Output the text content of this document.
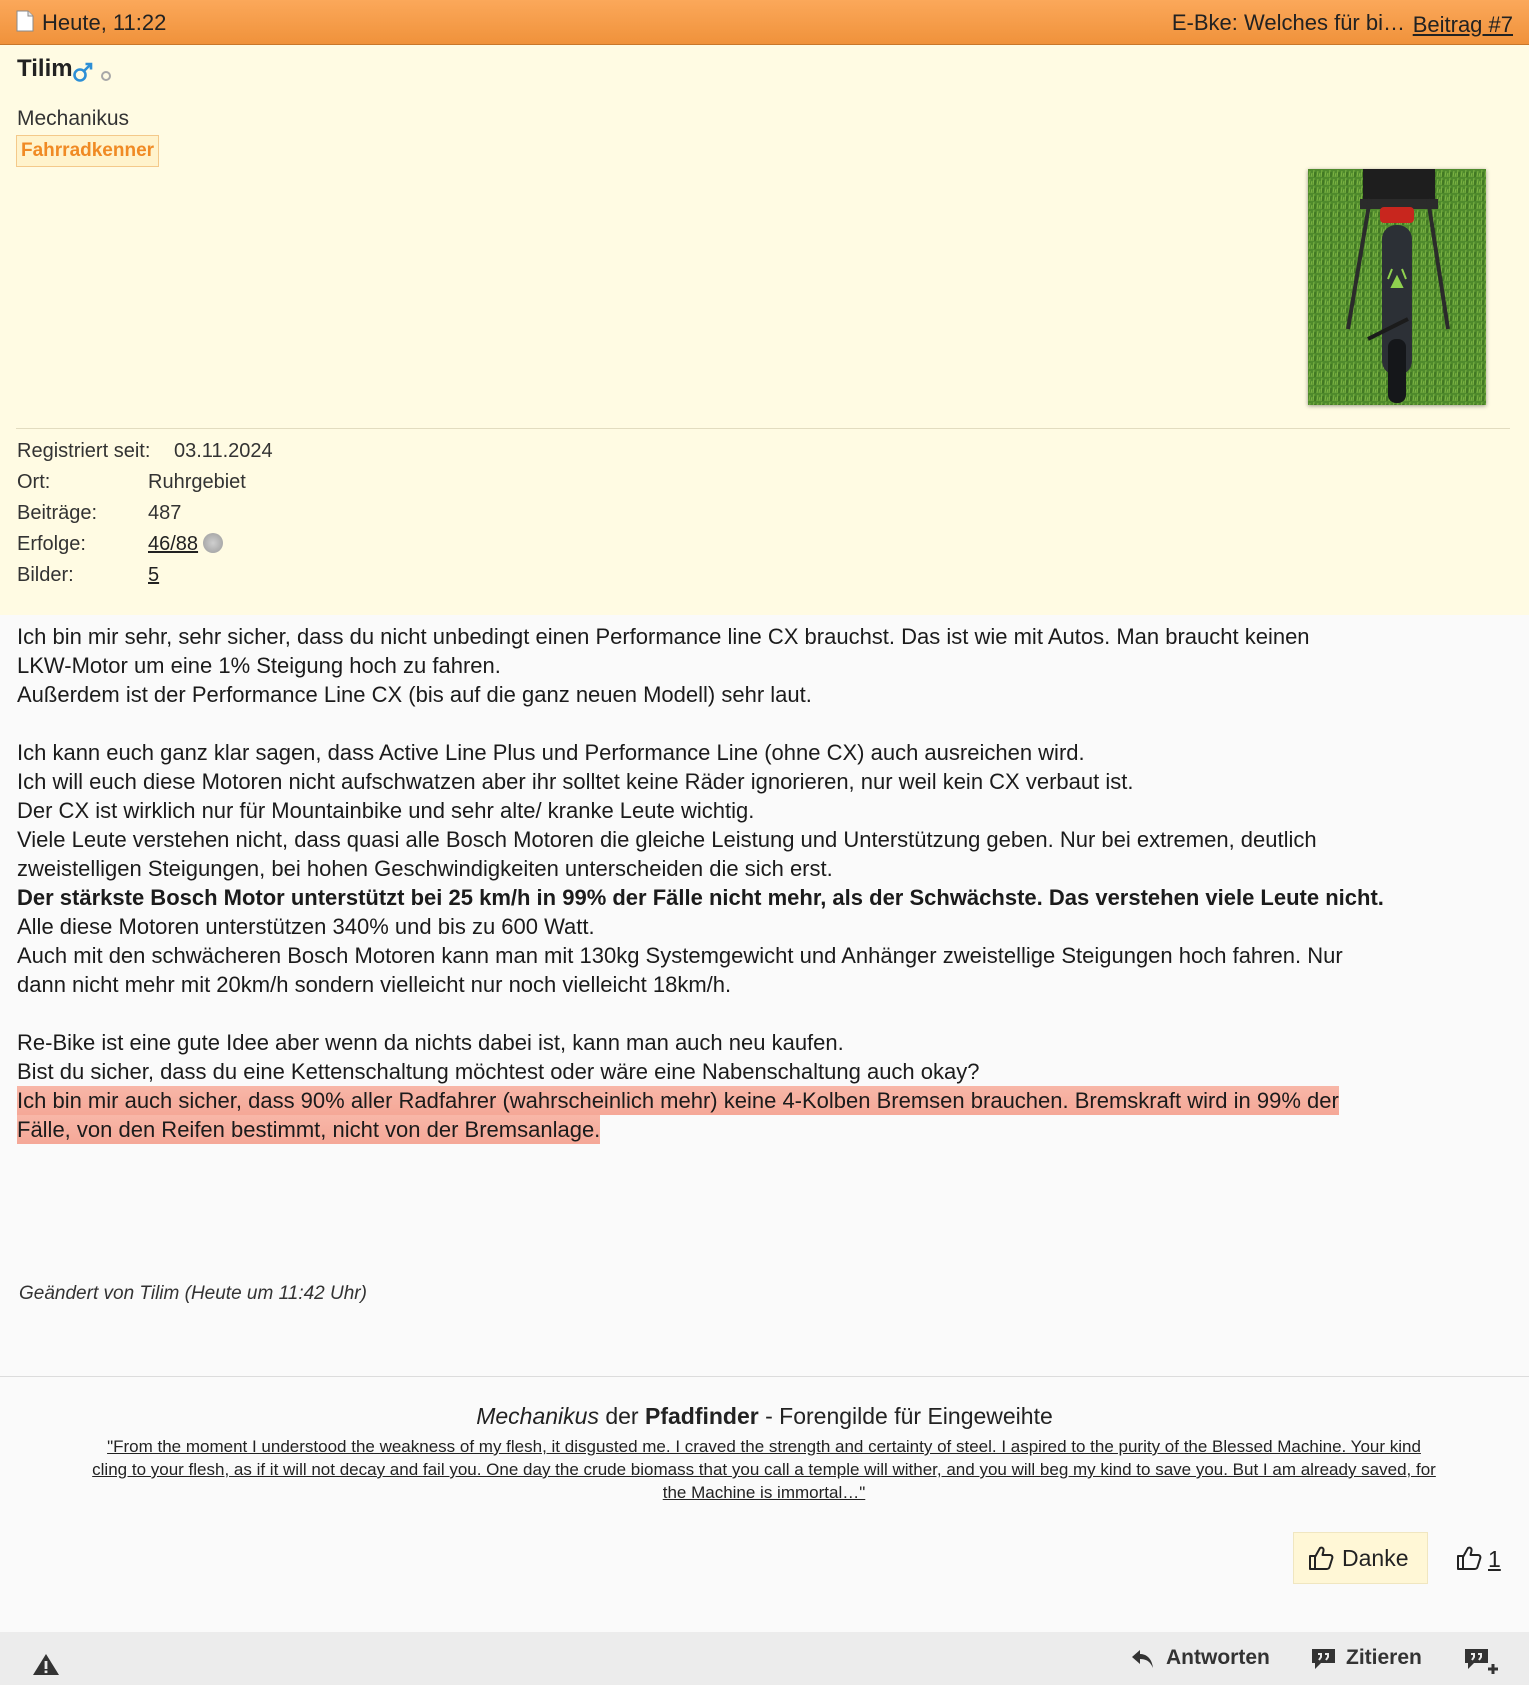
Heute, 11:22	E-Bke: Welches für bi… Beitrag #7
Tilim
Mechanikus
Fahrradkenner
Registriert seit: 03.11.2024
Ort:	Ruhrgebiet
Beiträge:	487
Erfolge:	46/88
Bilder:	5

Ich bin mir sehr, sehr sicher, dass du nicht unbedingt einen Performance line CX brauchst. Das ist wie mit Autos. Man braucht keinen

LKW-Motor um eine 1% Steigung hoch zu fahren.

Außerdem ist der Performance Line CX (bis auf die ganz neuen Modell) sehr laut.

Ich kann euch ganz klar sagen, dass Active Line Plus und Performance Line (ohne CX) auch ausreichen wird.

Ich will euch diese Motoren nicht aufschwatzen aber ihr solltet keine Räder ignorieren, nur weil kein CX verbaut ist.

Der CX ist wirklich nur für Mountainbike und sehr alte/ kranke Leute wichtig.

Viele Leute verstehen nicht, dass quasi alle Bosch Motoren die gleiche Leistung und Unterstützung geben. Nur bei extremen, deutlich

zweistelligen Steigungen, bei hohen Geschwindigkeiten unterscheiden die sich erst.

Der stärkste Bosch Motor unterstützt bei 25 km/h in 99% der Fälle nicht mehr, als der Schwächste. Das verstehen viele Leute nicht.

Alle diese Motoren unterstützen 340% und bis zu 600 Watt.

Auch mit den schwächeren Bosch Motoren kann man mit 130kg Systemgewicht und Anhänger zweistellige Steigungen hoch fahren. Nur

dann nicht mehr mit 20km/h sondern vielleicht nur noch vielleicht 18km/h.

Re-Bike ist eine gute Idee aber wenn da nichts dabei ist, kann man auch neu kaufen.

Bist du sicher, dass du eine Kettenschaltung möchtest oder wäre eine Nabenschaltung auch okay?

Ich bin mir auch sicher, dass 90% aller Radfahrer (wahrscheinlich mehr) keine 4-Kolben Bremsen brauchen. Bremskraft wird in 99% der

Fälle, von den Reifen bestimmt, nicht von der Bremsanlage.

Geändert von Tilim (Heute um 11:42 Uhr)
Mechanikus der Pfadfinder - Forengilde für Eingeweihte
"From the moment I understood the weakness of my flesh, it disgusted me. I craved the strength and certainty of steel. I aspired to the purity of the Blessed Machine. Your kind
cling to your flesh, as if it will not decay and fail you. One day the crude biomass that you call a temple will wither, and you will beg my kind to save you. But I am already saved, for
the Machine is immortal…"
Danke	1
Antworten	Zitieren
